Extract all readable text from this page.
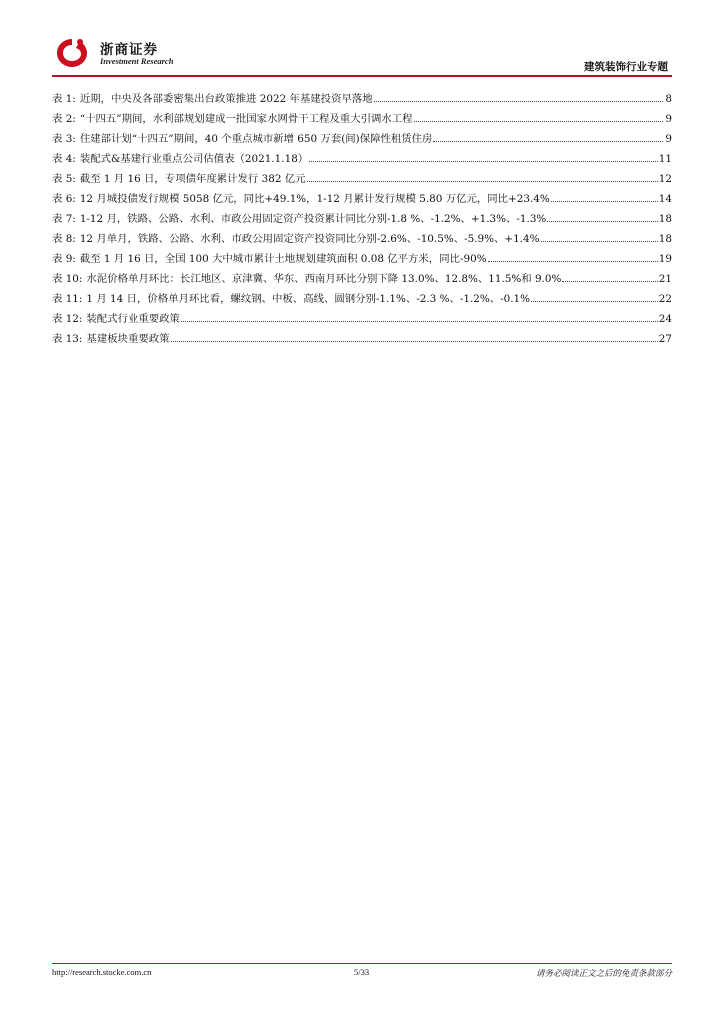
浙商证券
Investment Research	建筑装饰行业专题
表 1: 近期，中央及各部委密集出台政策推进 2022 年基建投资早落地	8
表 2: “十四五”期间，水利部规划建成一批国家水网骨干工程及重大引调水工程	9
表 3: 住建部计划“十四五”期间，40 个重点城市新增 650 万套(间)保障性租赁住房	9
表 4: 装配式&基建行业重点公司估值表（2021.1.18）	11
表 5: 截至 1 月 16 日，专项债年度累计发行 382 亿元	12
表 6: 12 月城投债发行规模 5058 亿元，同比+49.1%，1-12 月累计发行规模 5.80 万亿元，同比+23.4%	14
表 7: 1-12 月，铁路、公路、水利、市政公用固定资产投资累计同比分别-1.8 %、-1.2%、+1.3%、-1.3%	18
表 8: 12 月单月，铁路、公路、水利、市政公用固定资产投资同比分别-2.6%、-10.5%、-5.9%、+1.4%	18
表 9: 截至 1 月 16 日，全国 100 大中城市累计土地规划建筑面积 0.08 亿平方米，同比-90%	19
表 10: 水泥价格单月环比：长江地区、京津冀、华东、西南月环比分别下降 13.0%、12.8%、11.5%和 9.0%	21
表 11: 1 月 14 日，价格单月环比看，螺纹钢、中板、高线、圆钢分别-1.1%、-2.3 %、-1.2%、-0.1%	22
表 12: 装配式行业重要政策	24
表 13: 基建板块重要政策	27
http://research.stocke.com.cn	5/33	请务必阅读正文之后的免责条款部分
